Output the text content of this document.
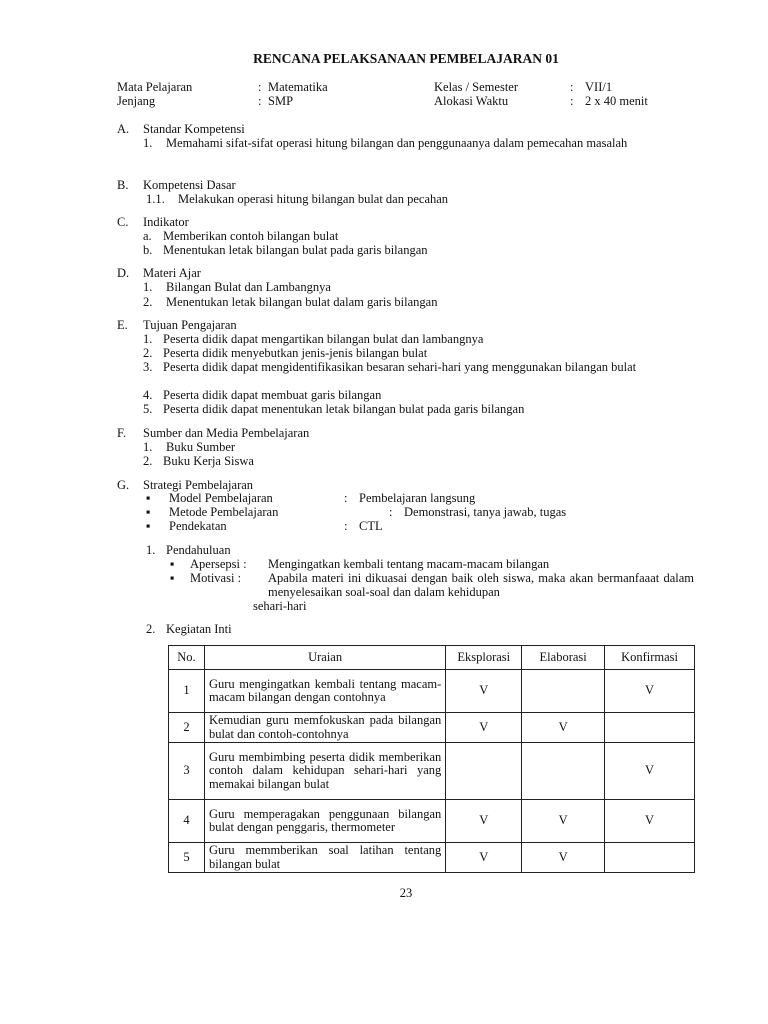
RENCANA PELAKSANAAN PEMBELAJARAN 01
Mata Pelajaran	: Matematika
Jenjang	: SMP
Kelas / Semester	: VII/1
Alokasi Waktu	: 2 x 40 menit
A. Standar Kompetensi
1. Memahami sifat-sifat operasi hitung bilangan dan penggunaanya dalam pemecahan masalah
B. Kompetensi Dasar
1.1. Melakukan operasi hitung bilangan bulat dan pecahan
C. Indikator
a. Memberikan contoh bilangan bulat
b. Menentukan letak bilangan bulat pada garis bilangan
D. Materi Ajar
1. Bilangan Bulat dan Lambangnya
2. Menentukan letak bilangan bulat dalam garis bilangan
E. Tujuan Pengajaran
1. Peserta didik dapat mengartikan bilangan bulat dan lambangnya
2. Peserta didik menyebutkan jenis-jenis bilangan bulat
3. Peserta didik dapat mengidentifikasikan besaran sehari-hari yang menggunakan bilangan bulat
4. Peserta didik dapat membuat garis bilangan
5. Peserta didik dapat menentukan letak bilangan bulat pada garis bilangan
F. Sumber dan Media Pembelajaran
1. Buku Sumber
2. Buku Kerja Siswa
G. Strategi Pembelajaran
▪ Model Pembelajaran	: Pembelajaran langsung
▪ Metode Pembelajaran	: Demonstrasi, tanya jawab, tugas
▪ Pendekatan	: CTL
1. Pendahuluan
▪ Apersepsi : Mengingatkan kembali tentang macam-macam bilangan
▪ Motivasi : Apabila materi ini dikuasai dengan baik oleh siswa, maka akan bermanfaaat dalam menyelesaikan soal-soal dan dalam kehidupan
sehari-hari
2. Kegiatan Inti
No.	Uraian	Eksplorasi	Elaborasi	Konfirmasi
1	Guru mengingatkan kembali tentang macam-macam bilangan dengan contohnya	V		V
2	Kemudian guru memfokuskan pada bilangan bulat dan contoh-contohnya	V	V	
3	Guru membimbing peserta didik memberikan contoh dalam kehidupan sehari-hari yang memakai bilangan bulat			V
4	Guru memperagakan penggunaan bilangan bulat dengan penggaris, thermometer	V	V	V
5	Guru memmberikan soal latihan tentang bilangan bulat	V	V	
23
